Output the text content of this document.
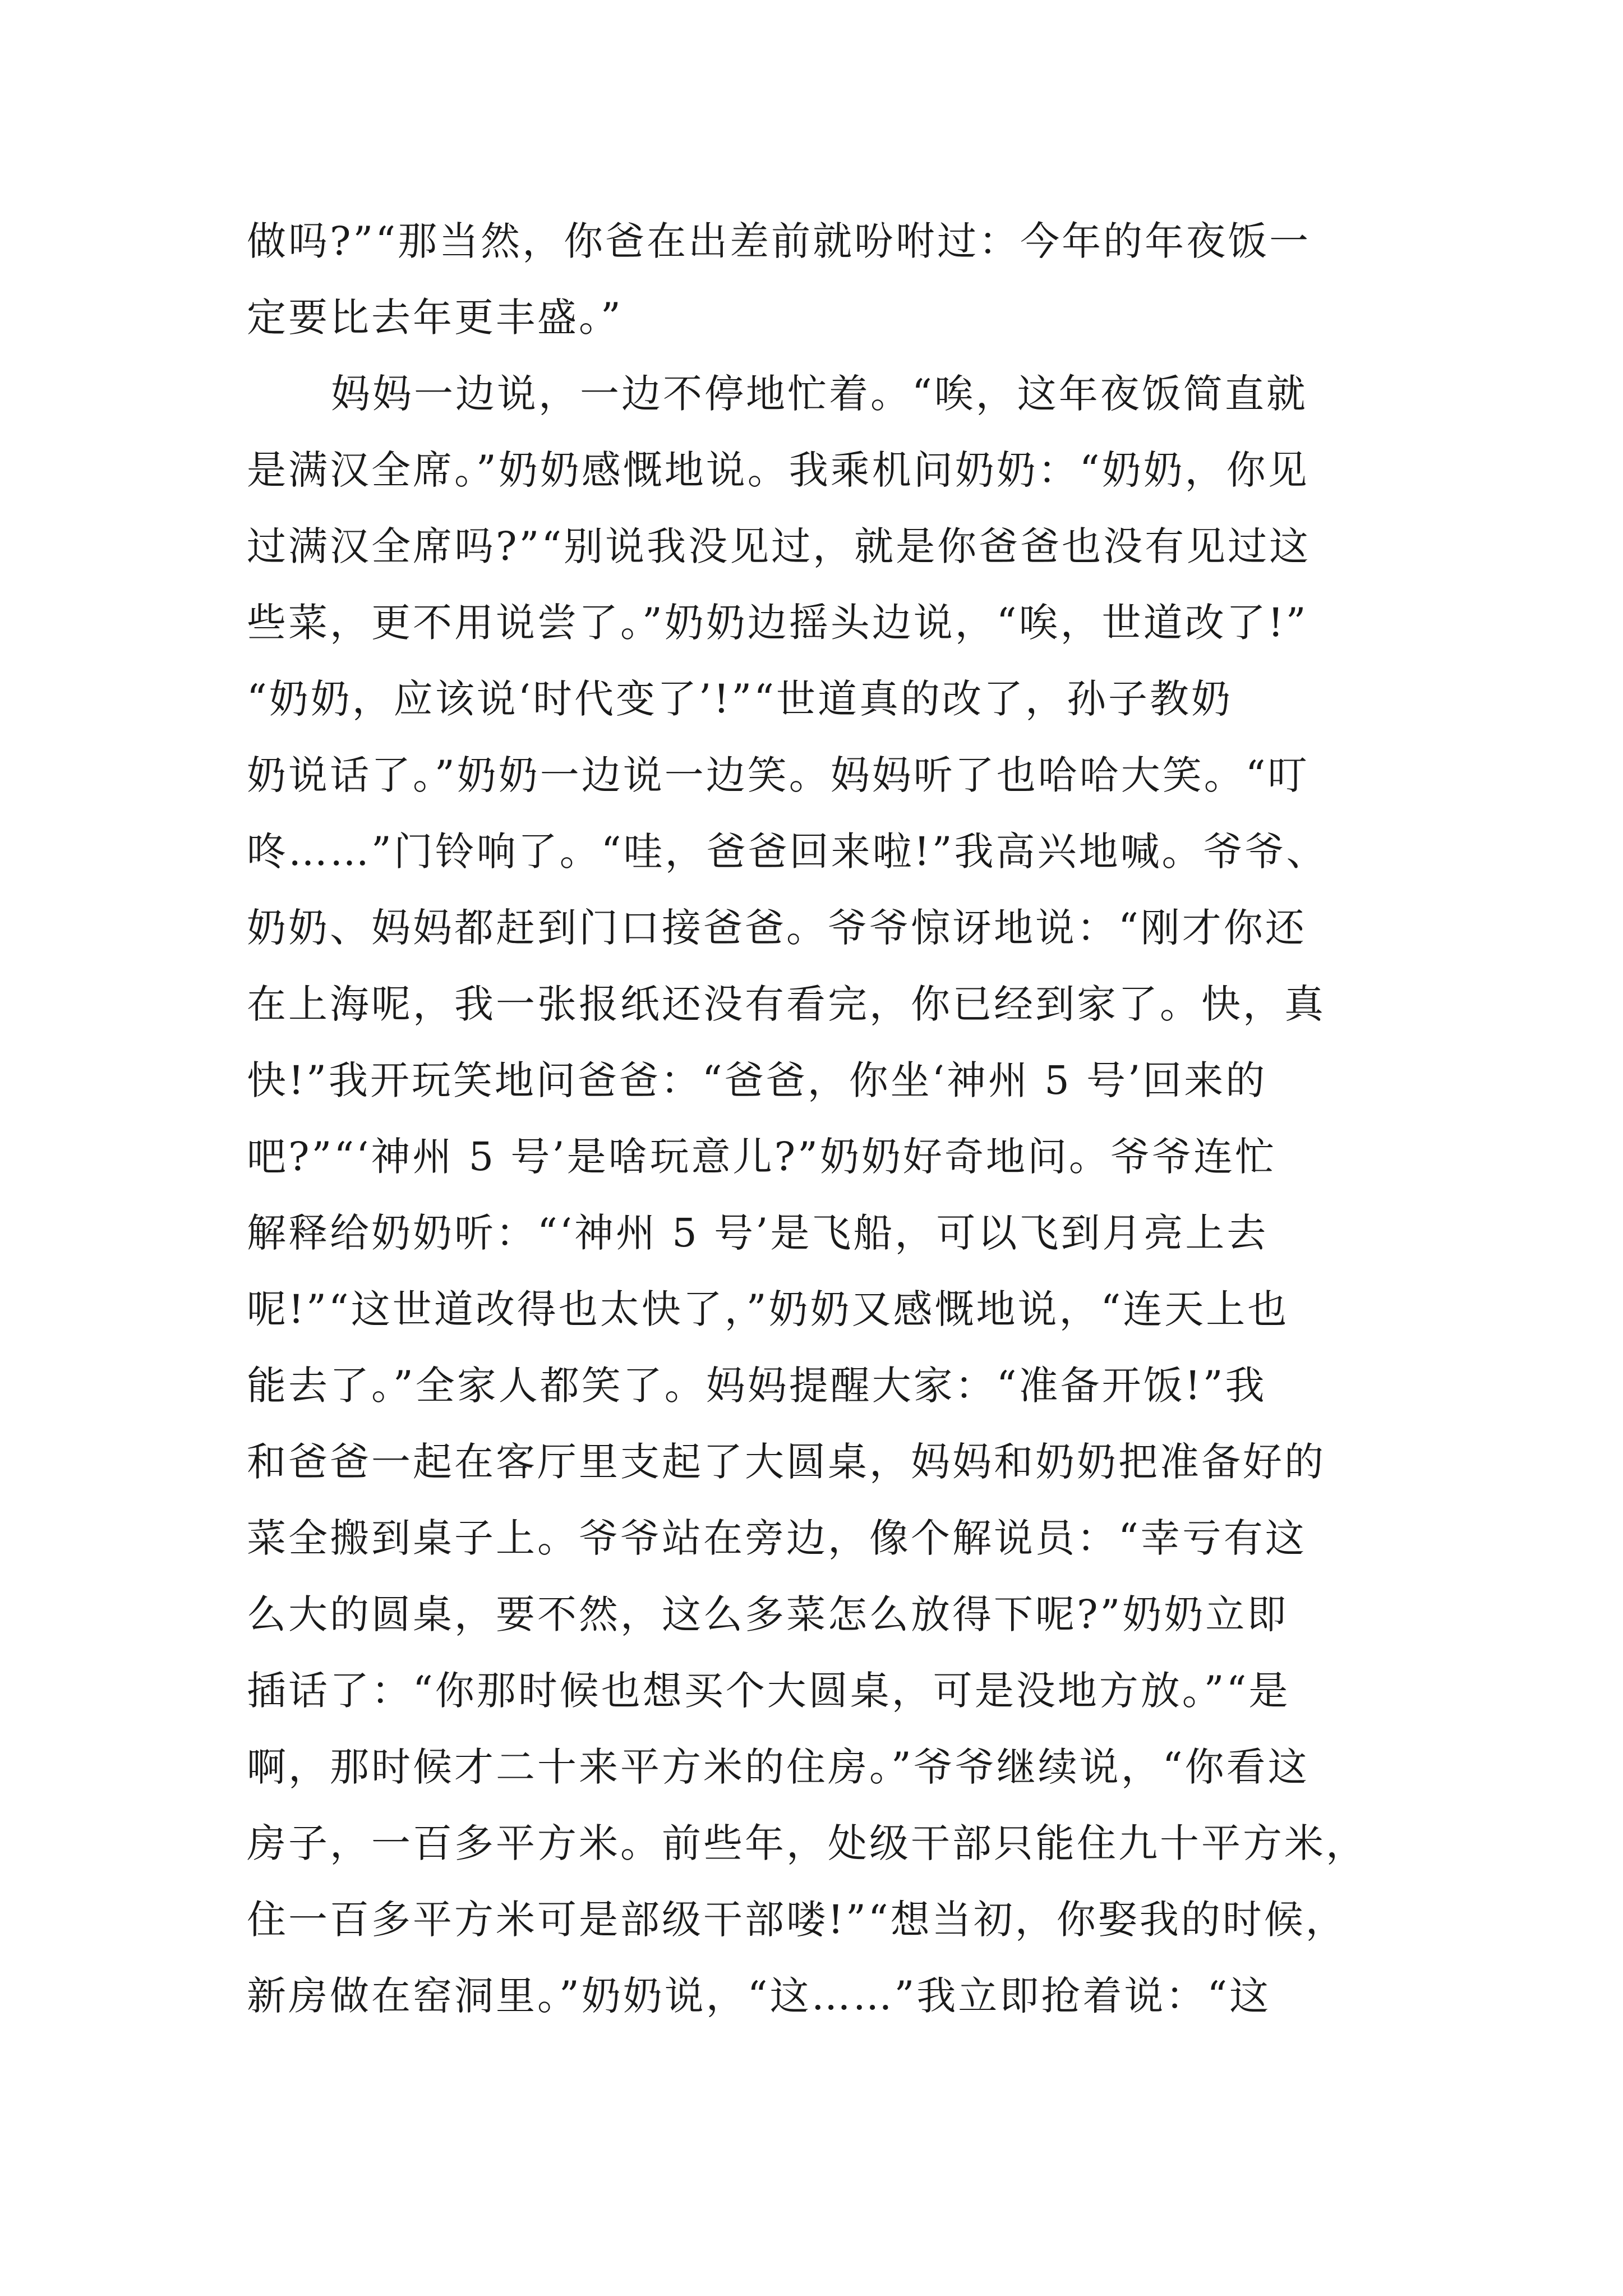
做吗?”“那当然，你爸在出差前就吩咐过：今年的年夜饭一
定要比去年更丰盛。”
妈妈一边说，一边不停地忙着。“唉，这年夜饭简直就
是满汉全席。”奶奶感慨地说。我乘机问奶奶：“奶奶，你见
过满汉全席吗?”“别说我没见过，就是你爸爸也没有见过这
些菜，更不用说尝了。”奶奶边摇头边说，“唉，世道改了!”
“奶奶，应该说‘时代变了’!”“世道真的改了，孙子教奶
奶说话了。”奶奶一边说一边笑。妈妈听了也哈哈大笑。“叮
咚……”门铃响了。“哇，爸爸回来啦!”我高兴地喊。爷爷、
奶奶、妈妈都赶到门口接爸爸。爷爷惊讶地说：“刚才你还
在上海呢，我一张报纸还没有看完，你已经到家了。快，真
快!”我开玩笑地问爸爸：“爸爸，你坐‘神州 5 号’回来的
吧?”“‘神州 5 号’是啥玩意儿?”奶奶好奇地问。爷爷连忙
解释给奶奶听：“‘神州 5 号’是飞船，可以飞到月亮上去
呢!”“这世道改得也太快了，”奶奶又感慨地说，“连天上也
能去了。”全家人都笑了。妈妈提醒大家：“准备开饭!”我
和爸爸一起在客厅里支起了大圆桌，妈妈和奶奶把准备好的
菜全搬到桌子上。爷爷站在旁边，像个解说员：“幸亏有这
么大的圆桌，要不然，这么多菜怎么放得下呢?”奶奶立即
插话了：“你那时候也想买个大圆桌，可是没地方放。”“是
啊，那时候才二十来平方米的住房。”爷爷继续说，“你看这
房子，一百多平方米。前些年，处级干部只能住九十平方米，
住一百多平方米可是部级干部喽!”“想当初，你娶我的时候，
新房做在窑洞里。”奶奶说，“这……”我立即抢着说：“这
